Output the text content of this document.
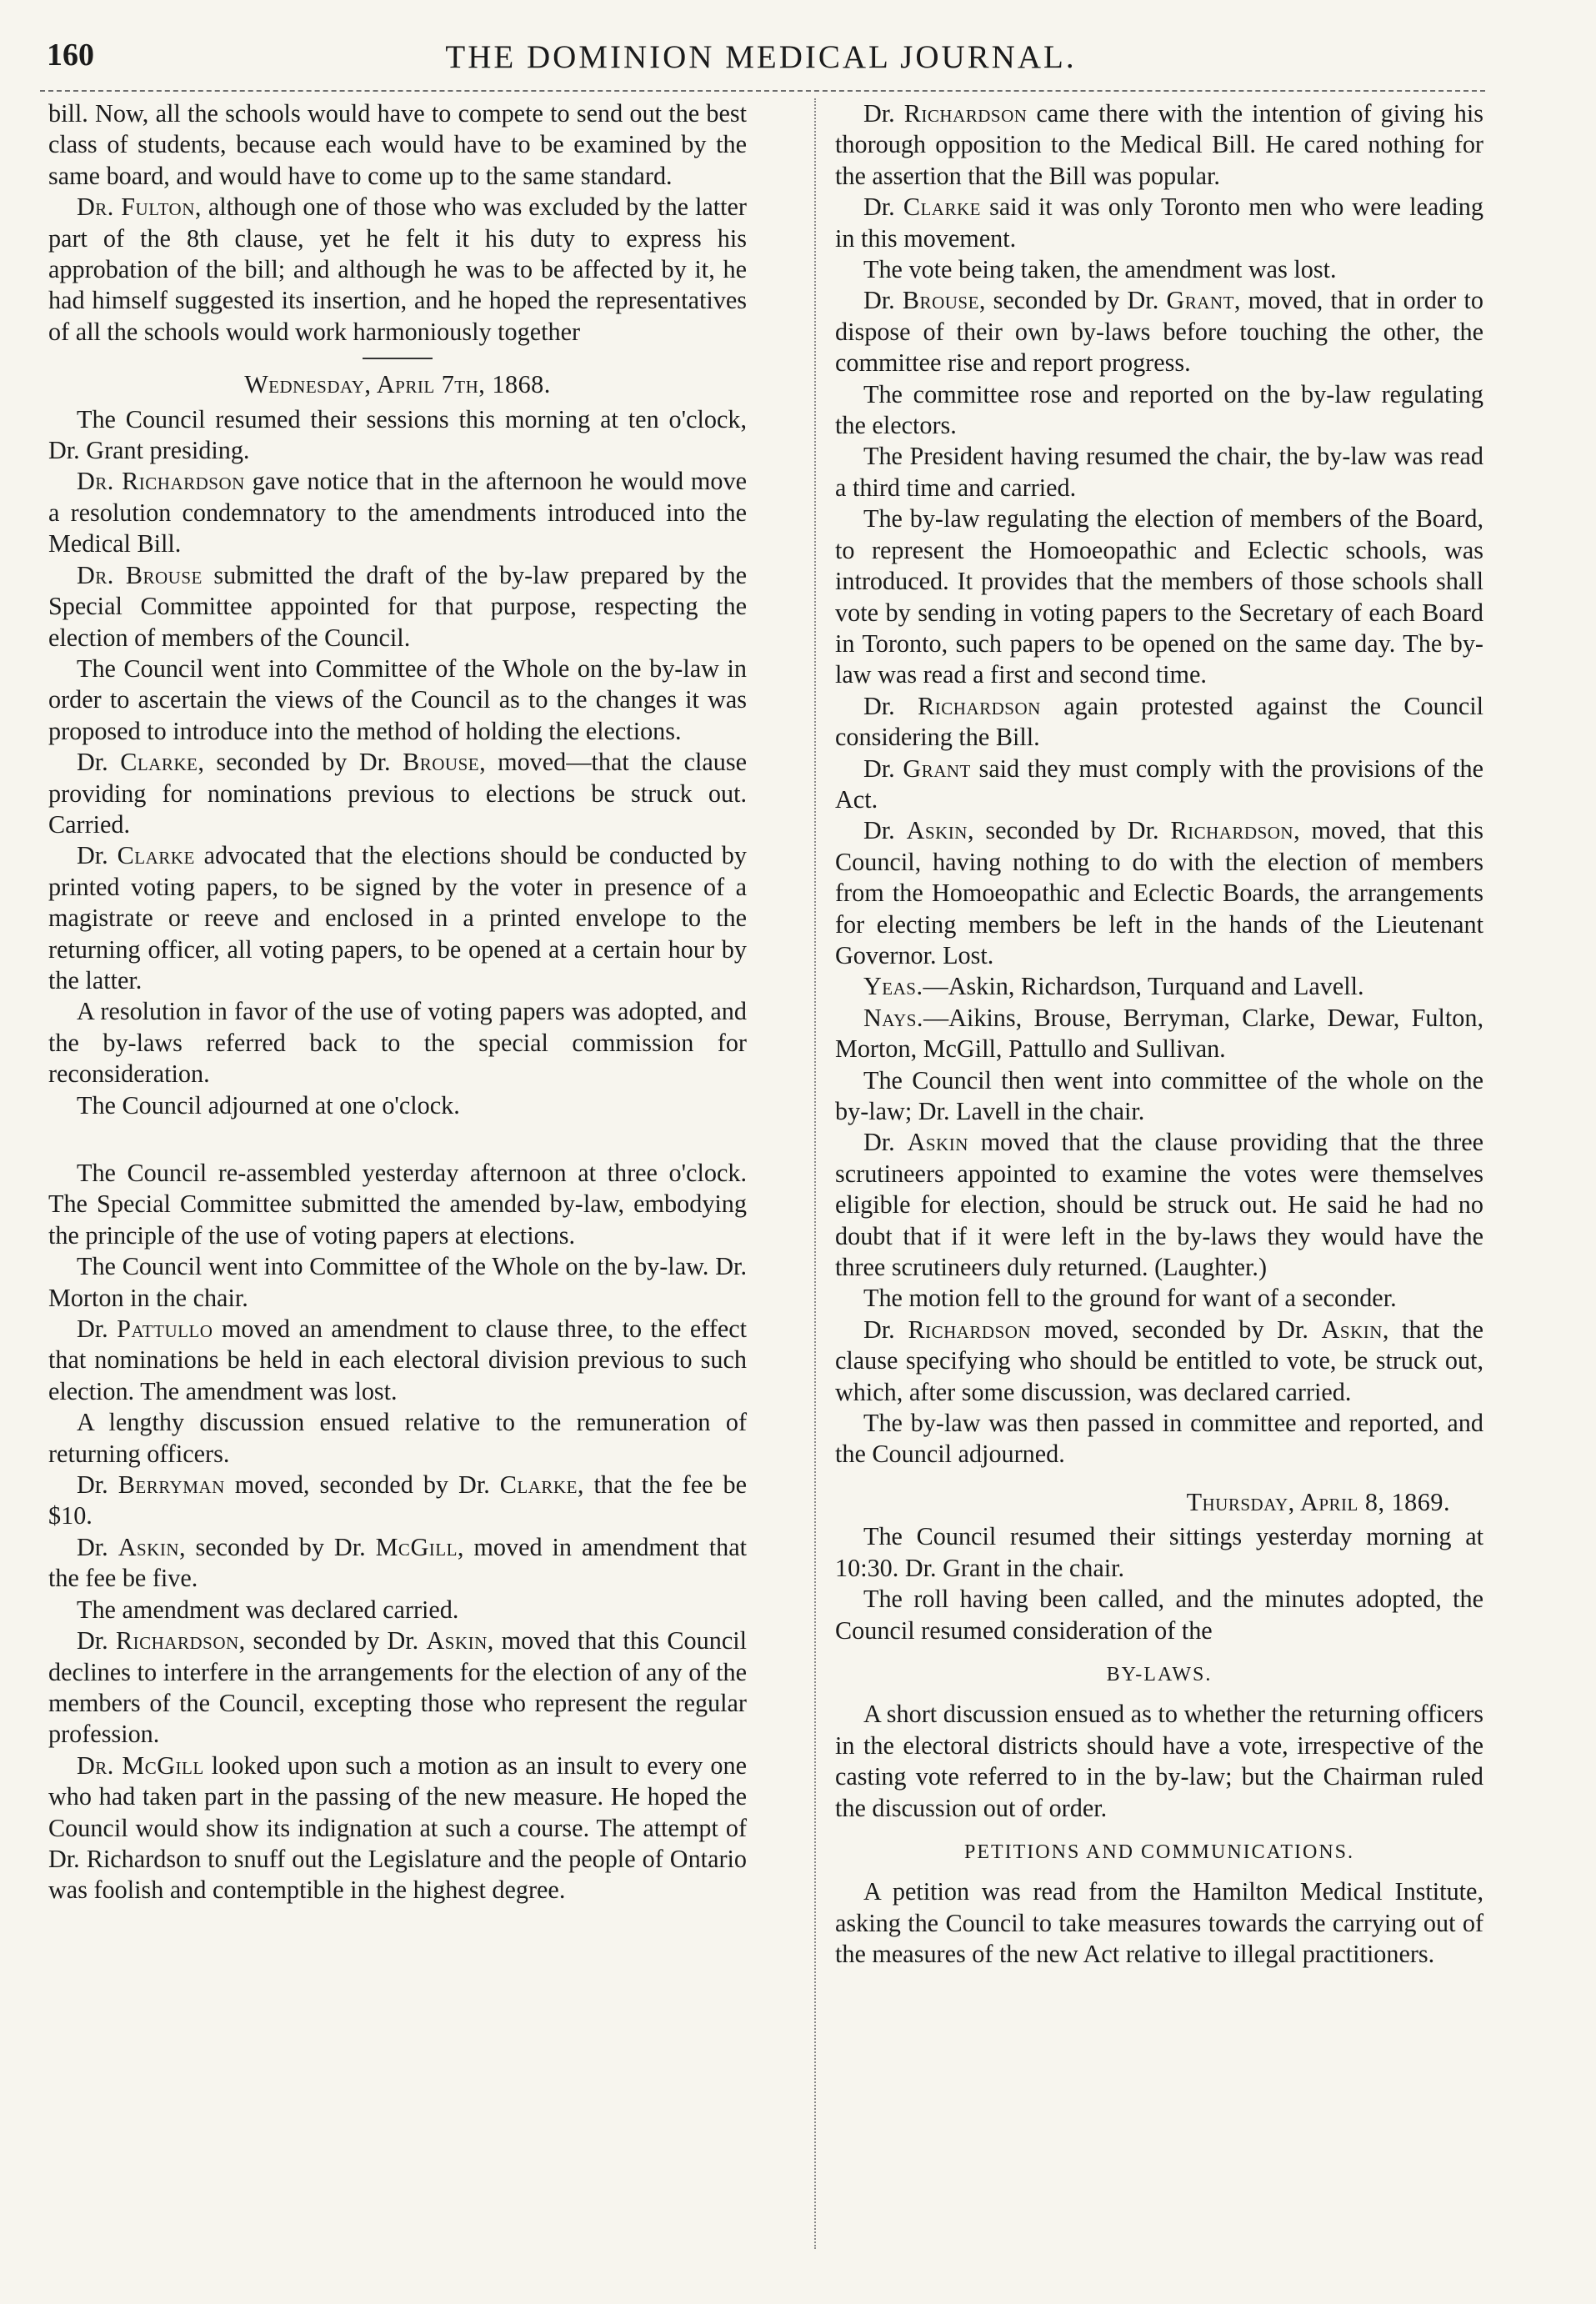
160	THE DOMINION MEDICAL JOURNAL.

bill. Now, all the schools would have to compete to send out the best class of students, because each would have to be examined by the same board, and would have to come up to the same standard.

Dr. Fulton, although one of those who was excluded by the latter part of the 8th clause, yet he felt it his duty to express his approbation of the bill; and although he was to be affected by it, he had himself suggested its insertion, and he hoped the representatives of all the schools would work harmoniously together

Wednesday, April 7th, 1868.

The Council resumed their sessions this morning at ten o'clock, Dr. Grant presiding.

Dr. Richardson gave notice that in the afternoon he would move a resolution condemnatory to the amendments introduced into the Medical Bill.

Dr. Brouse submitted the draft of the by-law prepared by the Special Committee appointed for that purpose, respecting the election of members of the Council.

The Council went into Committee of the Whole on the by-law in order to ascertain the views of the Council as to the changes it was proposed to introduce into the method of holding the elections.

Dr. Clarke, seconded by Dr. Brouse, moved—that the clause providing for nominations previous to elections be struck out. Carried.

Dr. Clarke advocated that the elections should be conducted by printed voting papers, to be signed by the voter in presence of a magistrate or reeve and enclosed in a printed envelope to the returning officer, all voting papers, to be opened at a certain hour by the latter.

A resolution in favor of the use of voting papers was adopted, and the by-laws referred back to the special commission for reconsideration.

The Council adjourned at one o'clock.

The Council re-assembled yesterday afternoon at three o'clock. The Special Committee submitted the amended by-law, embodying the principle of the use of voting papers at elections.

The Council went into Committee of the Whole on the by-law. Dr. Morton in the chair.

Dr. Pattullo moved an amendment to clause three, to the effect that nominations be held in each electoral division previous to such election. The amendment was lost.

A lengthy discussion ensued relative to the remuneration of returning officers.

Dr. Berryman moved, seconded by Dr. Clarke, that the fee be $10.

Dr. Askin, seconded by Dr. McGill, moved in amendment that the fee be five.

The amendment was declared carried.

Dr. Richardson, seconded by Dr. Askin, moved that this Council declines to interfere in the arrangements for the election of any of the members of the Council, excepting those who represent the regular profession.

Dr. McGill looked upon such a motion as an insult to every one who had taken part in the passing of the new measure. He hoped the Council would show its indignation at such a course. The attempt of Dr. Richardson to snuff out the Legislature and the people of Ontario was foolish and contemptible in the highest degree.

Dr. Richardson came there with the intention of giving his thorough opposition to the Medical Bill. He cared nothing for the assertion that the Bill was popular.

Dr. Clarke said it was only Toronto men who were leading in this movement.

The vote being taken, the amendment was lost.

Dr. Brouse, seconded by Dr. Grant, moved, that in order to dispose of their own by-laws before touching the other, the committee rise and report progress.

The committee rose and reported on the by-law regulating the electors.

The President having resumed the chair, the by-law was read a third time and carried.

The by-law regulating the election of members of the Board, to represent the Homoeopathic and Eclectic schools, was introduced. It provides that the members of those schools shall vote by sending in voting papers to the Secretary of each Board in Toronto, such papers to be opened on the same day. The by-law was read a first and second time.

Dr. Richardson again protested against the Council considering the Bill.

Dr. Grant said they must comply with the provisions of the Act.

Dr. Askin, seconded by Dr. Richardson, moved, that this Council, having nothing to do with the election of members from the Homoeopathic and Eclectic Boards, the arrangements for electing members be left in the hands of the Lieutenant Governor. Lost.

Yeas.—Askin, Richardson, Turquand and Lavell.

Nays.—Aikins, Brouse, Berryman, Clarke, Dewar, Fulton, Morton, McGill, Pattullo and Sullivan.

The Council then went into committee of the whole on the by-law; Dr. Lavell in the chair.

Dr. Askin moved that the clause providing that the three scrutineers appointed to examine the votes were themselves eligible for election, should be struck out. He said he had no doubt that if it were left in the by-laws they would have the three scrutineers duly returned. (Laughter.)

The motion fell to the ground for want of a seconder.

Dr. Richardson moved, seconded by Dr. Askin, that the clause specifying who should be entitled to vote, be struck out, which, after some discussion, was declared carried.

The by-law was then passed in committee and reported, and the Council adjourned.

Thursday, April 8, 1869.

The Council resumed their sittings yesterday morning at 10:30. Dr. Grant in the chair.

The roll having been called, and the minutes adopted, the Council resumed consideration of the

BY-LAWS.

A short discussion ensued as to whether the returning officers in the electoral districts should have a vote, irrespective of the casting vote referred to in the by-law; but the Chairman ruled the discussion out of order.

PETITIONS AND COMMUNICATIONS.

A petition was read from the Hamilton Medical Institute, asking the Council to take measures towards the carrying out of the measures of the new Act relative to illegal practitioners.
